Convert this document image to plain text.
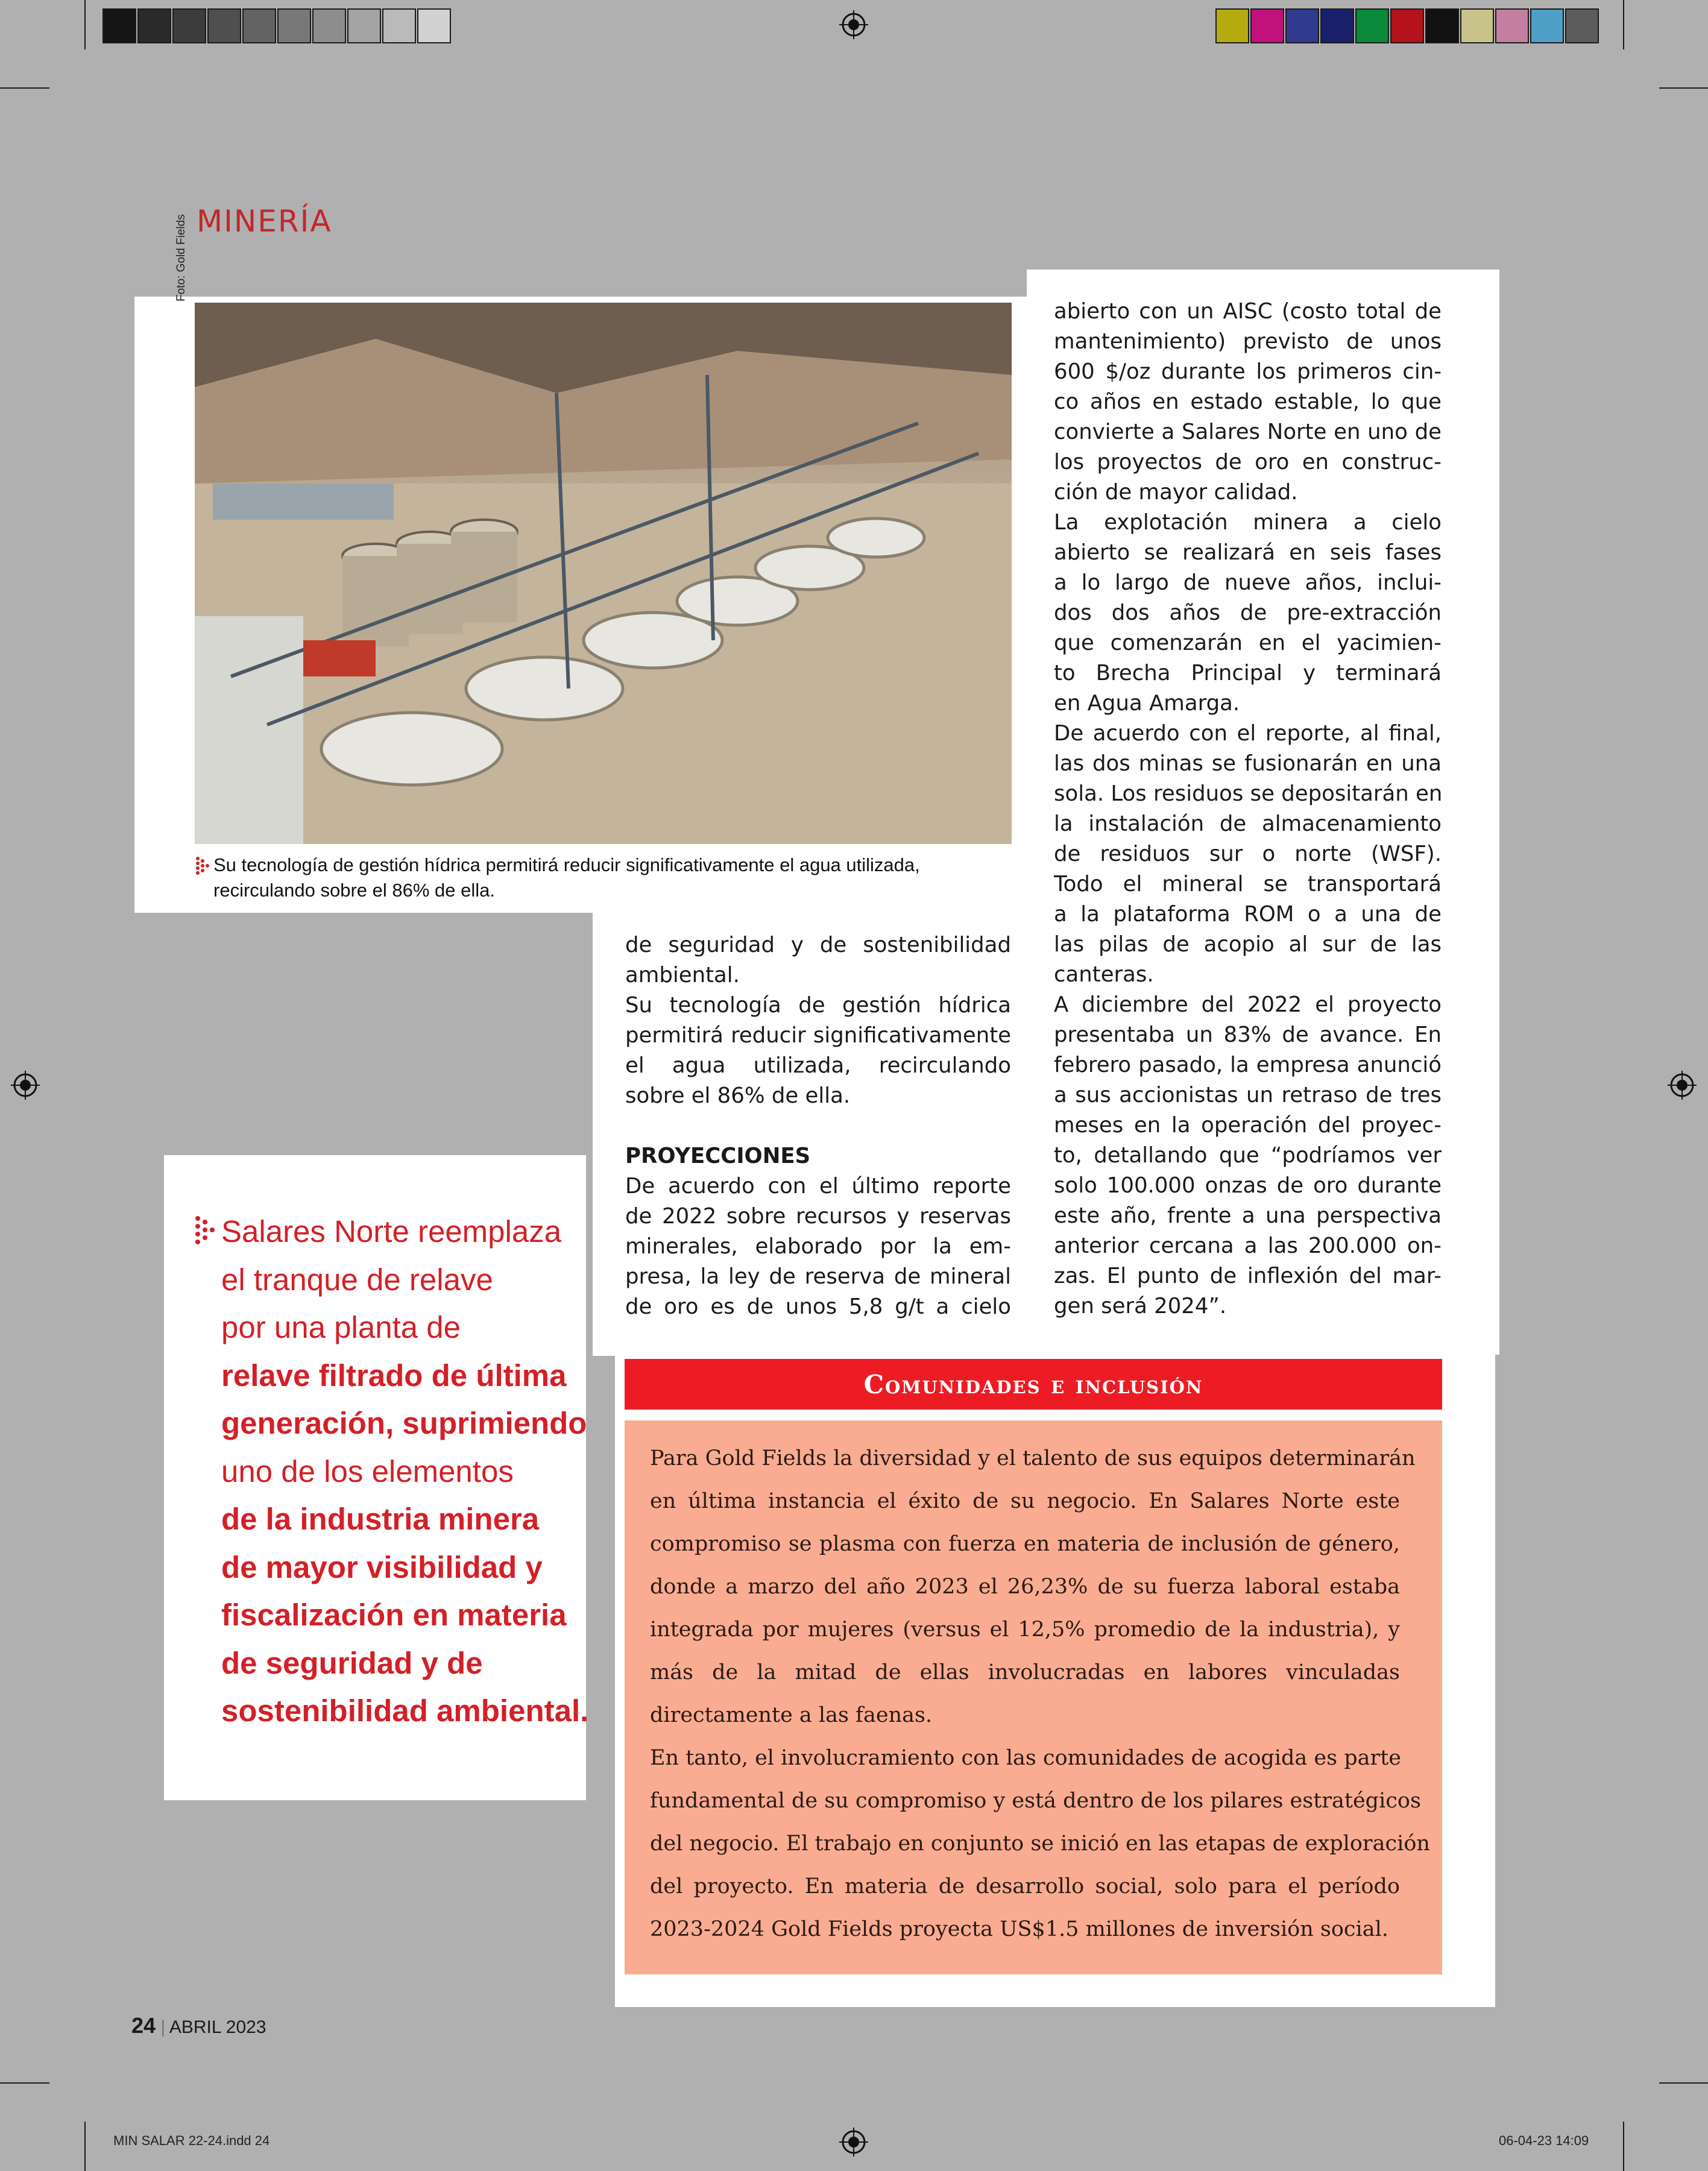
MINERÍA
Foto: Gold Fields
Su tecnología de gestión hídrica permitirá reducir significativamente el agua utilizada,
recirculando sobre el 86% de ella.
de seguridad y de sostenibilidad
ambiental.
Su tecnología de gestión hídrica
permitirá reducir significativamente
el agua utilizada, recirculando
sobre el 86% de ella.
PROYECCIONES
De acuerdo con el último reporte
de 2022 sobre recursos y reservas
minerales, elaborado por la em-
presa, la ley de reserva de mineral
de oro es de unos 5,8 g/t a cielo
abierto con un AISC (costo total de
mantenimiento) previsto de unos
600 $/oz durante los primeros cin-
co años en estado estable, lo que
convierte a Salares Norte en uno de
los proyectos de oro en construc-
ción de mayor calidad.
La explotación minera a cielo
abierto se realizará en seis fases
a lo largo de nueve años, inclui-
dos dos años de pre-extracción
que comenzarán en el yacimien-
to Brecha Principal y terminará
en Agua Amarga.
De acuerdo con el reporte, al final,
las dos minas se fusionarán en una
sola. Los residuos se depositarán en
la instalación de almacenamiento
de residuos sur o norte (WSF).
Todo el mineral se transportará
a la plataforma ROM o a una de
las pilas de acopio al sur de las
canteras.
A diciembre del 2022 el proyecto
presentaba un 83% de avance. En
febrero pasado, la empresa anunció
a sus accionistas un retraso de tres
meses en la operación del proyec-
to, detallando que “podríamos ver
solo 100.000 onzas de oro durante
este año, frente a una perspectiva
anterior cercana a las 200.000 on-
zas. El punto de inflexión del mar-
gen será 2024”.
Salares Norte reemplaza
el tranque de relave
por una planta de
relave filtrado de última
generación, suprimiendo
uno de los elementos
de la industria minera
de mayor visibilidad y
fiscalización en materia
de seguridad y de
sostenibilidad ambiental.
Comunidades e inclusión
Para Gold Fields la diversidad y el talento de sus equipos determinarán
en última instancia el éxito de su negocio. En Salares Norte este
compromiso se plasma con fuerza en materia de inclusión de género,
donde a marzo del año 2023 el 26,23% de su fuerza laboral estaba
integrada por mujeres (versus el 12,5% promedio de la industria), y
más de la mitad de ellas involucradas en labores vinculadas
directamente a las faenas.
En tanto, el involucramiento con las comunidades de acogida es parte
fundamental de su compromiso y está dentro de los pilares estratégicos
del negocio. El trabajo en conjunto se inició en las etapas de exploración
del proyecto. En materia de desarrollo social, solo para el período
2023-2024 Gold Fields proyecta US$1.5 millones de inversión social.
24 | ABRIL 2023
MIN SALAR 22-24.indd 24	06-04-23 14:09
